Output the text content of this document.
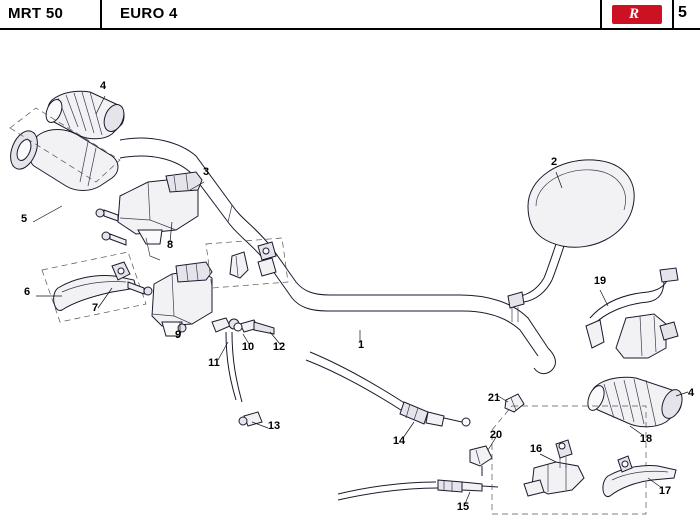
MRT 50	EURO 4	R 5
1
2
3
4
4
5
6
7
8
9
10
11
12
13
14
15
16
17
18
19
20
21
